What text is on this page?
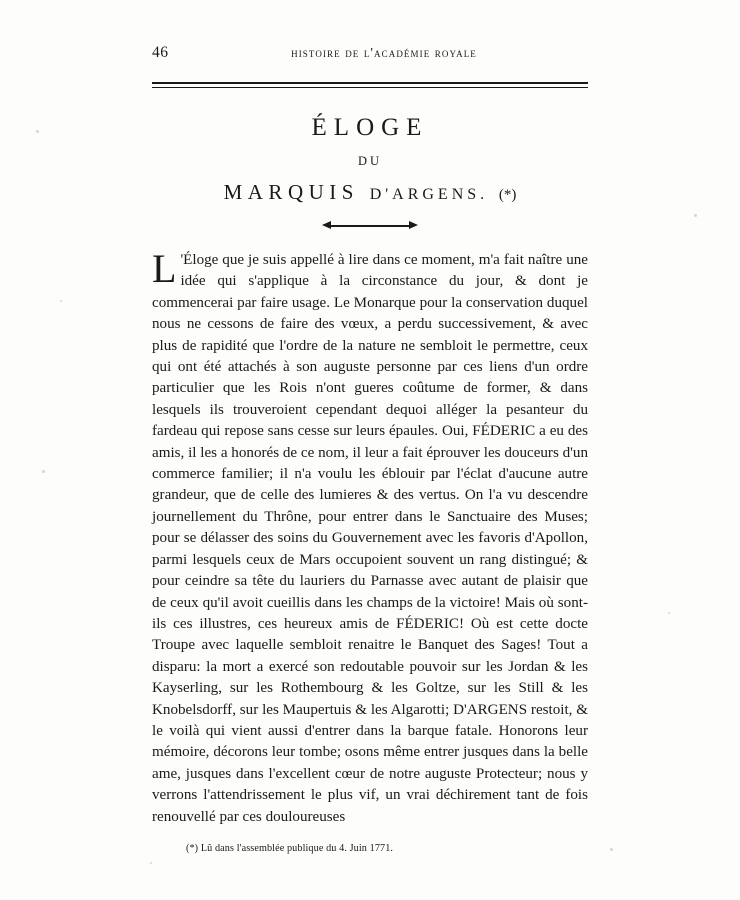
46	histoire de l'académie royale
ÉLOGE
DU
MARQUIS D'ARGENS. (*)
L 'Éloge que je suis appellé à lire dans ce moment, m'a fait naître une idée qui s'applique à la circonstance du jour, & dont je commencerai par faire usage. Le Monarque pour la conservation duquel nous ne cessons de faire des vœux, a perdu successivement, & avec plus de rapidité que l'ordre de la nature ne sembloit le permettre, ceux qui ont été attachés à son auguste personne par ces liens d'un ordre particulier que les Rois n'ont gueres coûtume de former, & dans lesquels ils trouveroient cependant dequoi alléger la pesanteur du fardeau qui repose sans cesse sur leurs épaules. Oui, FÉDERIC a eu des amis, il les a honorés de ce nom, il leur a fait éprouver les douceurs d'un commerce familier; il n'a voulu les éblouir par l'éclat d'aucune autre grandeur, que de celle des lumieres & des vertus. On l'a vu descendre journellement du Thrône, pour entrer dans le Sanctuaire des Muses; pour se délasser des soins du Gouvernement avec les favoris d'Apollon, parmi lesquels ceux de Mars occupoient souvent un rang distingué; & pour ceindre sa tête du lauriers du Parnasse avec autant de plaisir que de ceux qu'il avoit cueillis dans les champs de la victoire! Mais où sont-ils ces illustres, ces heureux amis de FÉDERIC! Où est cette docte Troupe avec laquelle sembloit renaitre le Banquet des Sages! Tout a disparu: la mort a exercé son redoutable pouvoir sur les Jordan & les Kayserling, sur les Rothembourg & les Goltze, sur les Still & les Knobelsdorff, sur les Maupertuis & les Algarotti; D'ARGENS restoit, & le voilà qui vient aussi d'entrer dans la barque fatale. Honorons leur mémoire, décorons leur tombe; osons même entrer jusques dans la belle ame, jusques dans l'excellent cœur de notre auguste Protecteur; nous y verrons l'attendrissement le plus vif, un vrai déchirement tant de fois renouvellé par ces douloureuses
(*) Lû dans l'assemblée publique du 4. Juin 1771.
